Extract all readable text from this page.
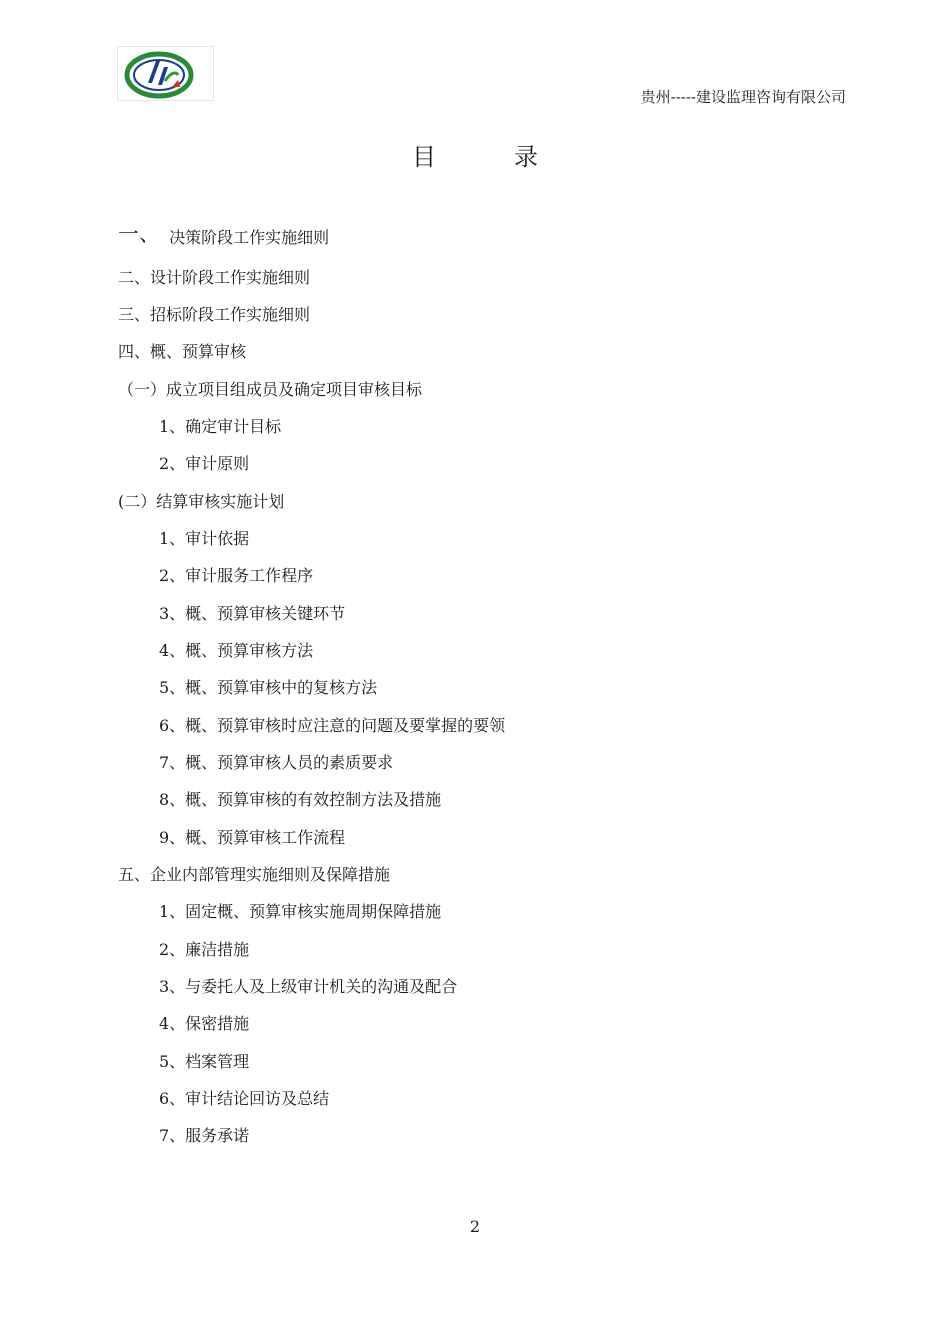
贵州-----建设监理咨询有限公司
目	录
一、 决策阶段工作实施细则
二、设计阶段工作实施细则
三、招标阶段工作实施细则
四、概、预算审核
（一）成立项目组成员及确定项目审核目标
1、确定审计目标
2、审计原则
(二）结算审核实施计划
1、审计依据
2、审计服务工作程序
3、概、预算审核关键环节
4、概、预算审核方法
5、概、预算审核中的复核方法
6、概、预算审核时应注意的问题及要掌握的要领
7、概、预算审核人员的素质要求
8、概、预算审核的有效控制方法及措施
9、概、预算审核工作流程
五、企业内部管理实施细则及保障措施
1、固定概、预算审核实施周期保障措施
2、廉洁措施
3、与委托人及上级审计机关的沟通及配合
4、保密措施
5、档案管理
6、审计结论回访及总结
7、服务承诺
2
